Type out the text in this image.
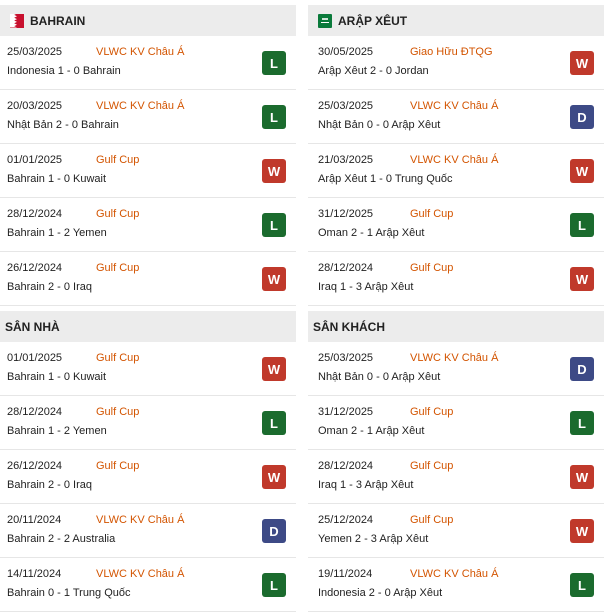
BAHRAIN
25/03/2025	VLWC KV Châu Á
Indonesia 1 - 0 Bahrain
L
20/03/2025	VLWC KV Châu Á
Nhật Bản 2 - 0 Bahrain
L
01/01/2025	Gulf Cup
Bahrain 1 - 0 Kuwait
W
28/12/2024	Gulf Cup
Bahrain 1 - 2 Yemen
L
26/12/2024	Gulf Cup
Bahrain 2 - 0 Iraq
W
SÂN NHÀ
01/01/2025	Gulf Cup
Bahrain 1 - 0 Kuwait
W
28/12/2024	Gulf Cup
Bahrain 1 - 2 Yemen
L
26/12/2024	Gulf Cup
Bahrain 2 - 0 Iraq
W
20/11/2024	VLWC KV Châu Á
Bahrain 2 - 2 Australia
D
14/11/2024	VLWC KV Châu Á
Bahrain 0 - 1 Trung Quốc
L
ARẬP XÊUT
30/05/2025	Giao Hữu ĐTQG
Arập Xêut 2 - 0 Jordan
W
25/03/2025	VLWC KV Châu Á
Nhật Bản 0 - 0 Arập Xêut
D
21/03/2025	VLWC KV Châu Á
Arập Xêut 1 - 0 Trung Quốc
W
31/12/2025	Gulf Cup
Oman 2 - 1 Arập Xêut
L
28/12/2024	Gulf Cup
Iraq 1 - 3 Arập Xêut
W
SÂN KHÁCH
25/03/2025	VLWC KV Châu Á
Nhật Bản 0 - 0 Arập Xêut
D
31/12/2025	Gulf Cup
Oman 2 - 1 Arập Xêut
L
28/12/2024	Gulf Cup
Iraq 1 - 3 Arập Xêut
W
25/12/2024	Gulf Cup
Yemen 2 - 3 Arập Xêut
W
19/11/2024	VLWC KV Châu Á
Indonesia 2 - 0 Arập Xêut
L
